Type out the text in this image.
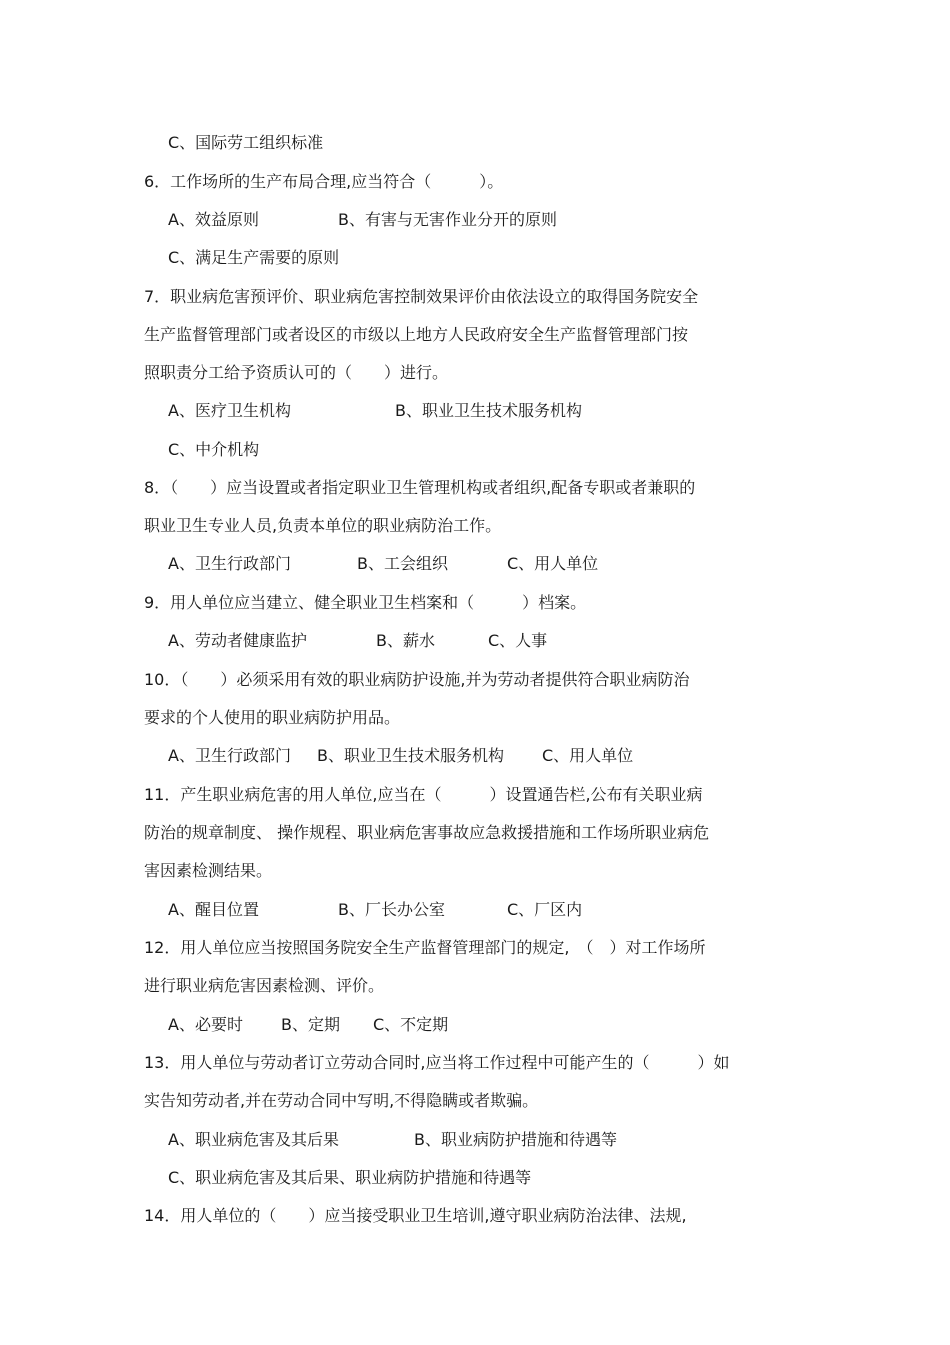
C、国际劳工组织标准
6．工作场所的生产布局合理,应当符合（　　　）。

A、效益原则

	B、有害与无害作业分开的原则

C、满足生产需要的原则
7．职业病危害预评价、职业病危害控制效果评价由依法设立的取得国务院安全
生产监督管理部门或者设区的市级以上地方人民政府安全生产监督管理部门按
照职责分工给予资质认可的（　　）进行。

A、医疗卫生机构

	B、职业卫生技术服务机构

C、中介机构
8．（　　）应当设置或者指定职业卫生管理机构或者组织,配备专职或者兼职的
职业卫生专业人员,负责本单位的职业病防治工作。

A、卫生行政部门

	B、工会组织

	C、用人单位

9．用人单位应当建立、健全职业卫生档案和（　　　）档案。

A、劳动者健康监护

	B、薪水

	C、人事

10．（　　）必须采用有效的职业病防护设施,并为劳动者提供符合职业病防治
要求的个人使用的职业病防护用品。

A、卫生行政部门

B、职业卫生技术服务机构

C、用人单位

11．产生职业病危害的用人单位,应当在（　　　）设置通告栏,公布有关职业病
防治的规章制度、 操作规程、职业病危害事故应急救援措施和工作场所职业病危
害因素检测结果。

A、醒目位置

	B、厂长办公室

	C、厂区内

12．用人单位应当按照国务院安全生产监督管理部门的规定,　（　）对工作场所
进行职业病危害因素检测、评价。

A、必要时

B、定期

C、不定期

13．用人单位与劳动者订立劳动合同时,应当将工作过程中可能产生的（　　　）如
实告知劳动者,并在劳动合同中写明,不得隐瞒或者欺骗。

A、职业病危害及其后果

	B、职业病防护措施和待遇等

C、职业病危害及其后果、职业病防护措施和待遇等
14．用人单位的（　　）应当接受职业卫生培训,遵守职业病防治法律、法规,
